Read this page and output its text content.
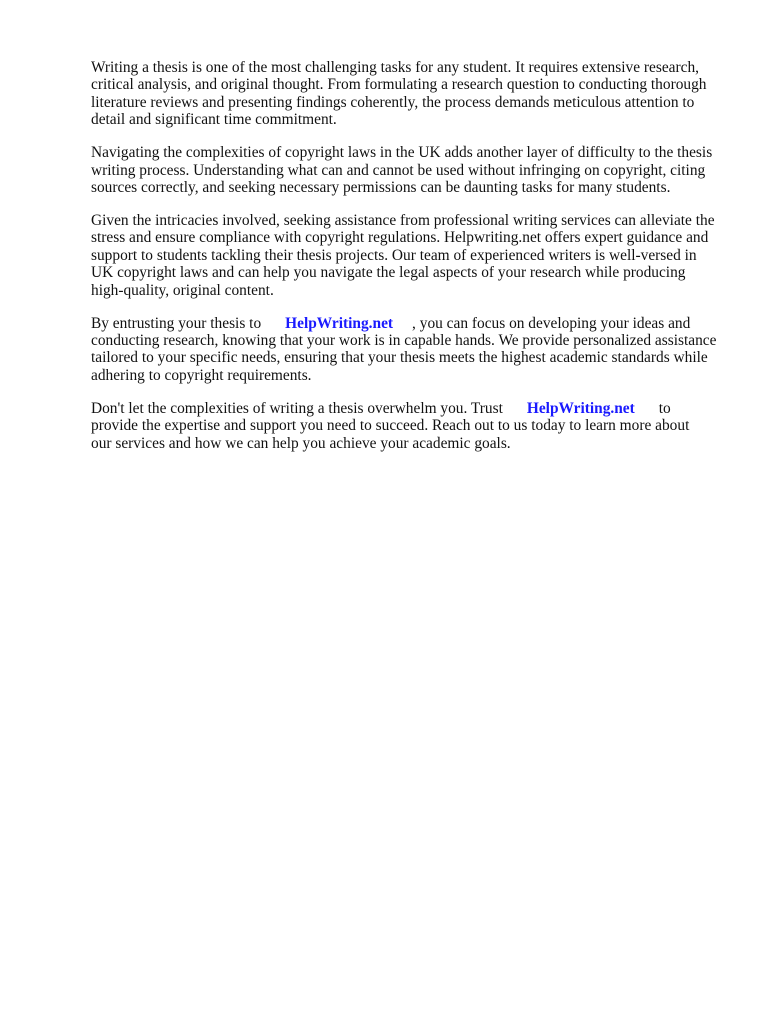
Writing a thesis is one of the most challenging tasks for any student. It requires extensive research,
critical analysis, and original thought. From formulating a research question to conducting thorough
literature reviews and presenting findings coherently, the process demands meticulous attention to
detail and significant time commitment.

Navigating the complexities of copyright laws in the UK adds another layer of difficulty to the thesis
writing process. Understanding what can and cannot be used without infringing on copyright, citing
sources correctly, and seeking necessary permissions can be daunting tasks for many students.

Given the intricacies involved, seeking assistance from professional writing services can alleviate the
stress and ensure compliance with copyright regulations. Helpwriting.net offers expert guidance and
support to students tackling their thesis projects. Our team of experienced writers is well-versed in
UK copyright laws and can help you navigate the legal aspects of your research while producing
high-quality, original content.

By entrusting your thesis to HelpWriting.net , you can focus on developing your ideas and
conducting research, knowing that your work is in capable hands. We provide personalized assistance
tailored to your specific needs, ensuring that your thesis meets the highest academic standards while
adhering to copyright requirements.

Don't let the complexities of writing a thesis overwhelm you. Trust HelpWriting.net to
provide the expertise and support you need to succeed. Reach out to us today to learn more about
our services and how we can help you achieve your academic goals.
